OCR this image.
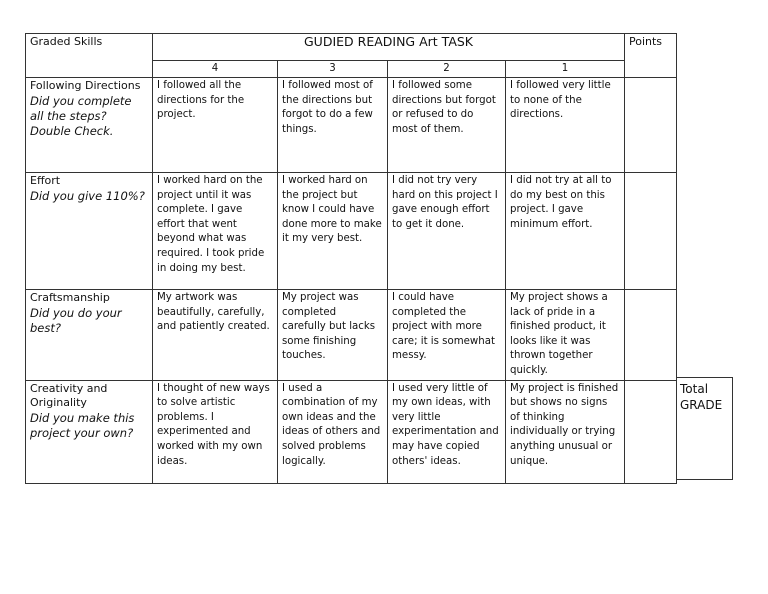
Graded Skills	GUDIED READING Art TASK				Points
	4	3	2	1	

Following Directions
Did you complete all the steps? Double Check.	I followed all the directions for the project.	I followed most of the directions but forgot to do a few things.	I followed some directions but forgot or refused to do most of them.	I followed very little to none of the directions.	

Effort
Did you give 110%?	I worked hard on the project until it was complete. I gave effort that went beyond what was required. I took pride in doing my best.	I worked hard on the project but know I could have done more to make it my very best.	I did not try very hard on this project I gave enough effort to get it done.	I did not try at all to do my best on this project. I gave minimum effort.	

Craftsmanship
Did you do your best?	My artwork was beautifully, carefully, and patiently created.	My project was completed carefully but lacks some finishing touches.	I could have completed the project with more care; it is somewhat messy.	My project shows a lack of pride in a finished product, it looks like it was thrown together quickly.	

Creativity and Originality
Did you make this project your own?	I thought of new ways to solve artistic problems. I experimented and worked with my own ideas.	I used a combination of my own ideas and the ideas of others and solved problems logically.	I used very little of my own ideas, with very little experimentation and may have copied others' ideas.	My project is finished but shows no signs of thinking individually or trying anything unusual or unique.	
Total GRADE
